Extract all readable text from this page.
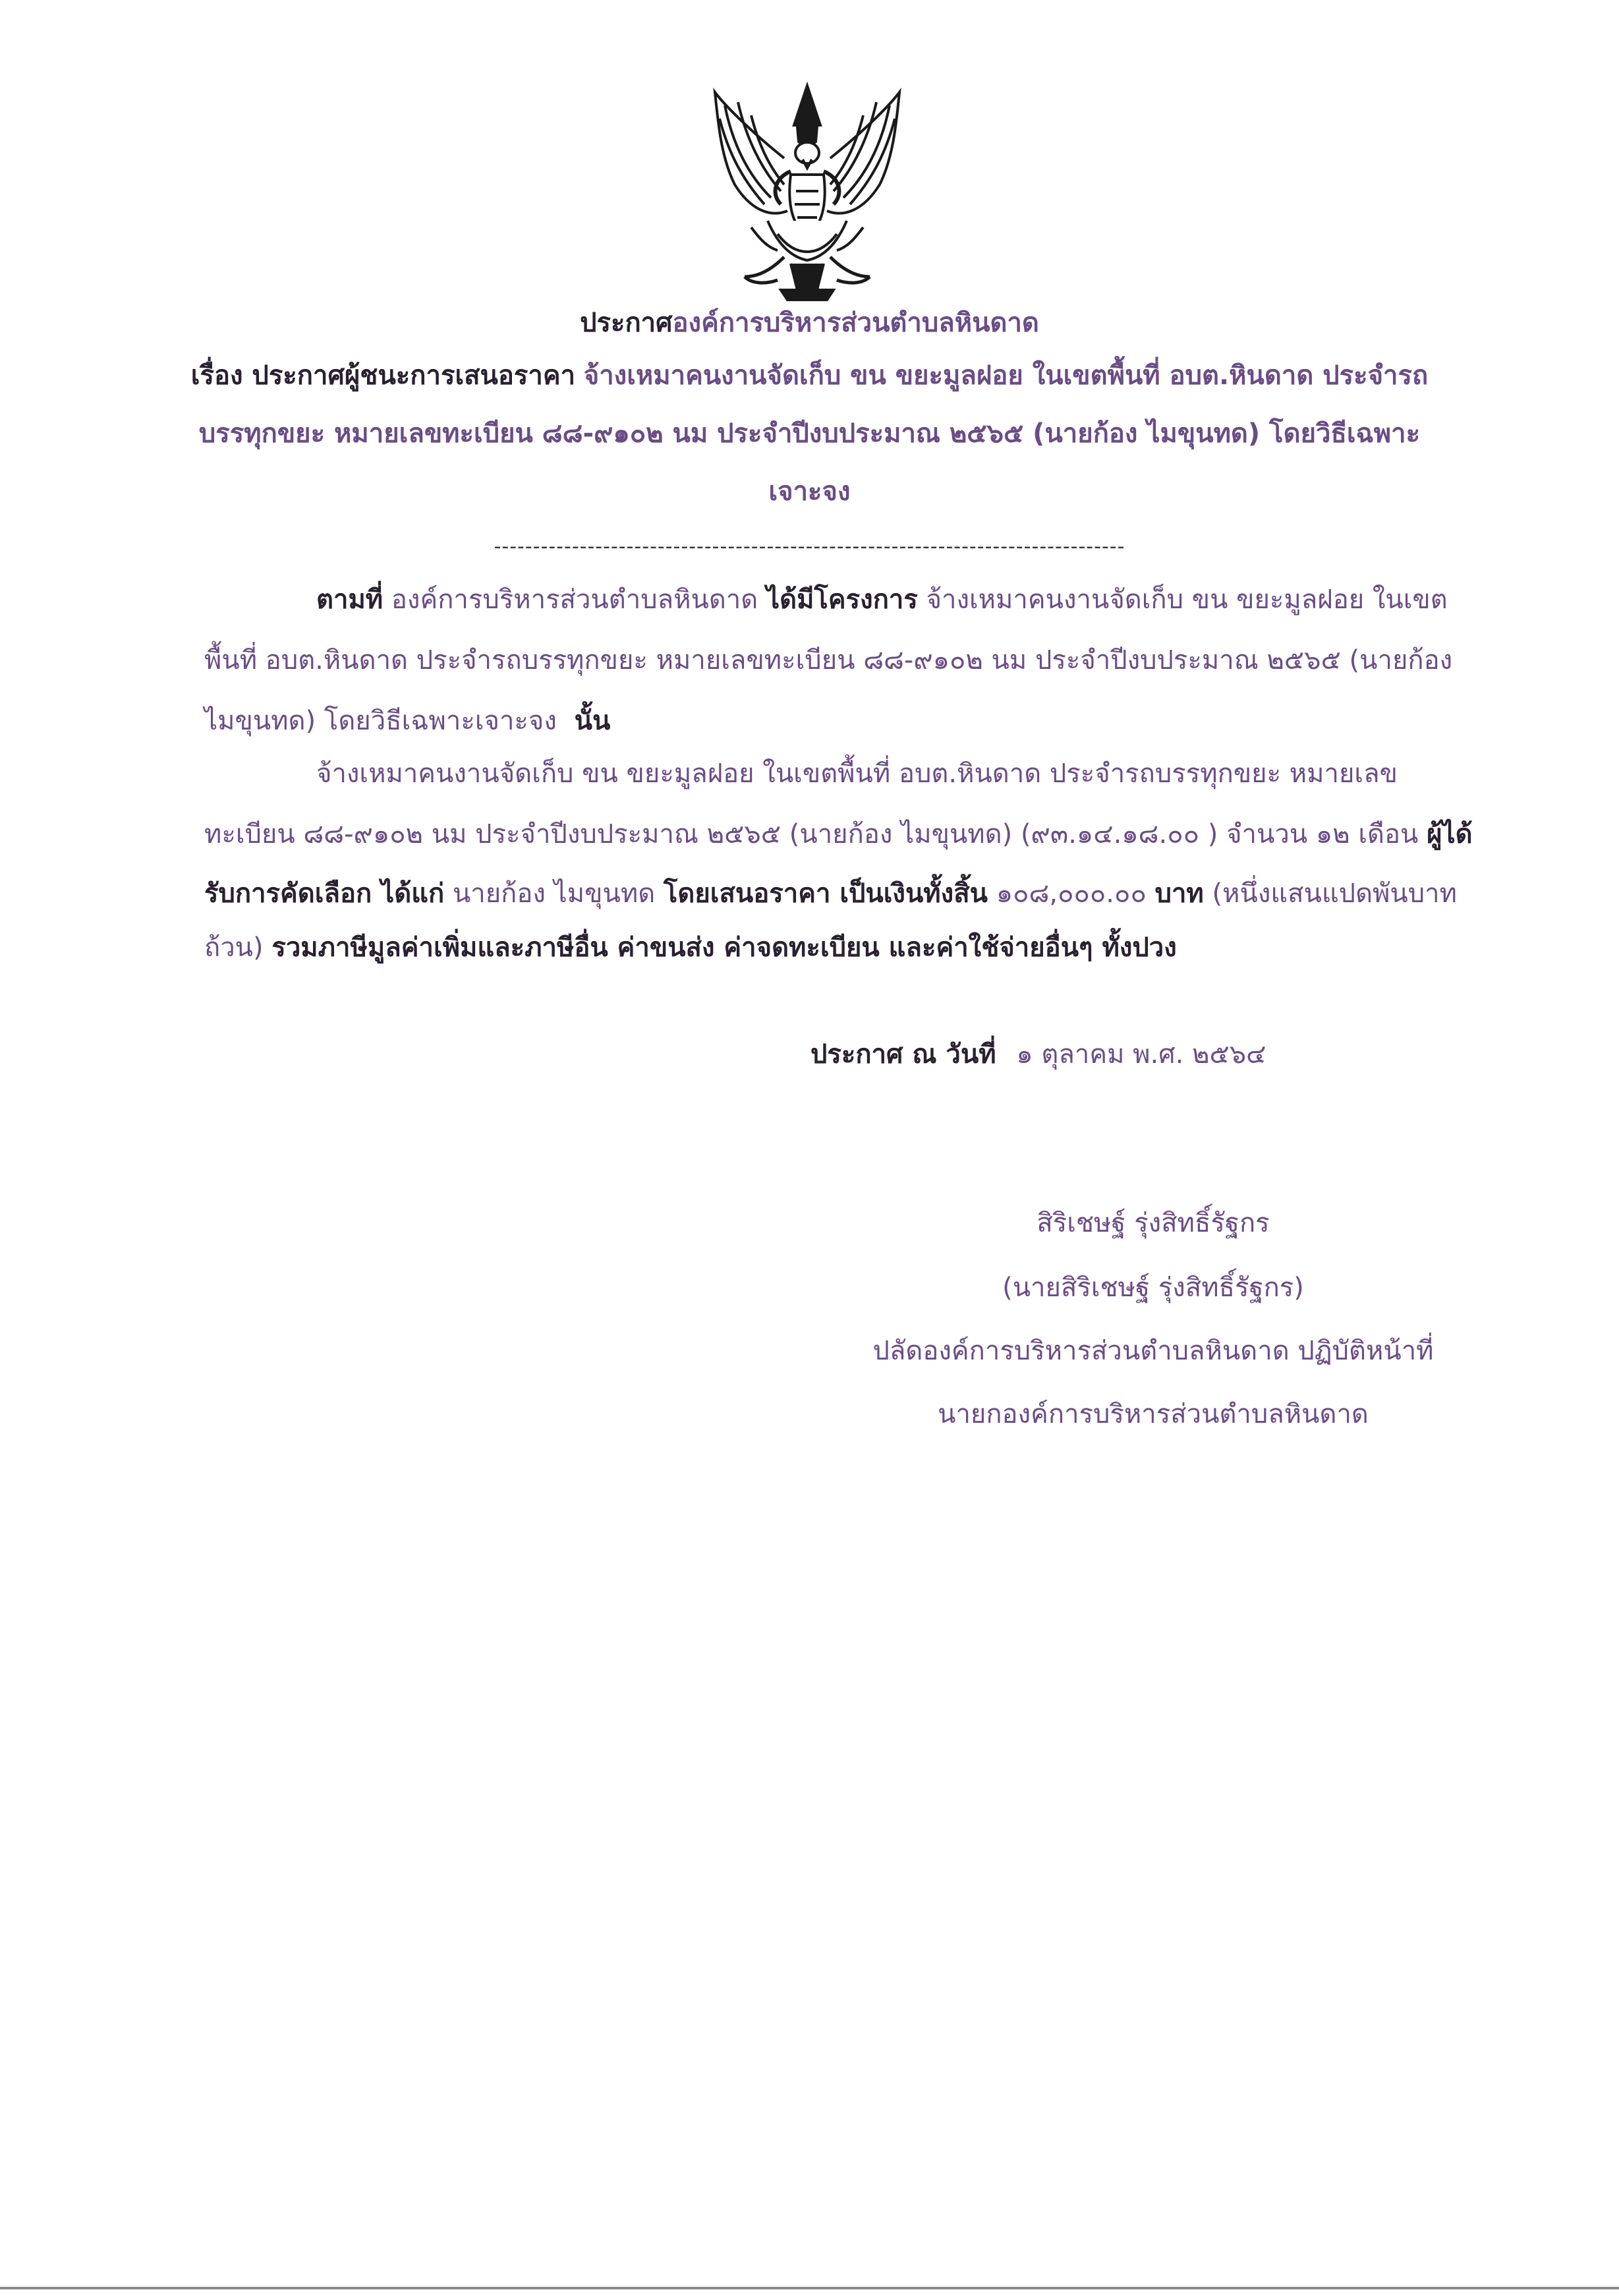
ประกาศองค์การบริหารส่วนตำบลหินดาด
เรื่อง ประกาศผู้ชนะการเสนอราคา จ้างเหมาคนงานจัดเก็บ ขน ขยะมูลฝอย ในเขตพื้นที่ อบต.หินดาด ประจำรถ
บรรทุกขยะ หมายเลขทะเบียน ๘๘-๙๑๐๒ นม ประจำปีงบประมาณ ๒๕๖๕ (นายก้อง ไมขุนทด) โดยวิธีเฉพาะ
เจาะจง
---------------------------------------------------------------------------------
ตามที่ องค์การบริหารส่วนตำบลหินดาด ได้มีโครงการ จ้างเหมาคนงานจัดเก็บ ขน ขยะมูลฝอย ในเขต
พื้นที่ อบต.หินดาด ประจำรถบรรทุกขยะ หมายเลขทะเบียน ๘๘-๙๑๐๒ นม ประจำปีงบประมาณ ๒๕๖๕ (นายก้อง
ไมขุนทด) โดยวิธีเฉพาะเจาะจง นั้น
จ้างเหมาคนงานจัดเก็บ ขน ขยะมูลฝอย ในเขตพื้นที่ อบต.หินดาด ประจำรถบรรทุกขยะ หมายเลข
ทะเบียน ๘๘-๙๑๐๒ นม ประจำปีงบประมาณ ๒๕๖๕ (นายก้อง ไมขุนทด) (๙๓.๑๔.๑๘.๐๐ ) จำนวน ๑๒ เดือน ผู้ได้
รับการคัดเลือก ได้แก่ นายก้อง ไมขุนทด โดยเสนอราคา เป็นเงินทั้งสิ้น ๑๐๘,๐๐๐.๐๐ บาท (หนึ่งแสนแปดพันบาท
ถ้วน) รวมภาษีมูลค่าเพิ่มและภาษีอื่น ค่าขนส่ง ค่าจดทะเบียน และค่าใช้จ่ายอื่นๆ ทั้งปวง
ประกาศ ณ วันที่ ๑ ตุลาคม พ.ศ. ๒๕๖๔
สิริเชษฐ์ รุ่งสิทธิ์รัฐกร
(นายสิริเชษฐ์ รุ่งสิทธิ์รัฐกร)
ปลัดองค์การบริหารส่วนตำบลหินดาด ปฏิบัติหน้าที่
นายกองค์การบริหารส่วนตำบลหินดาด
